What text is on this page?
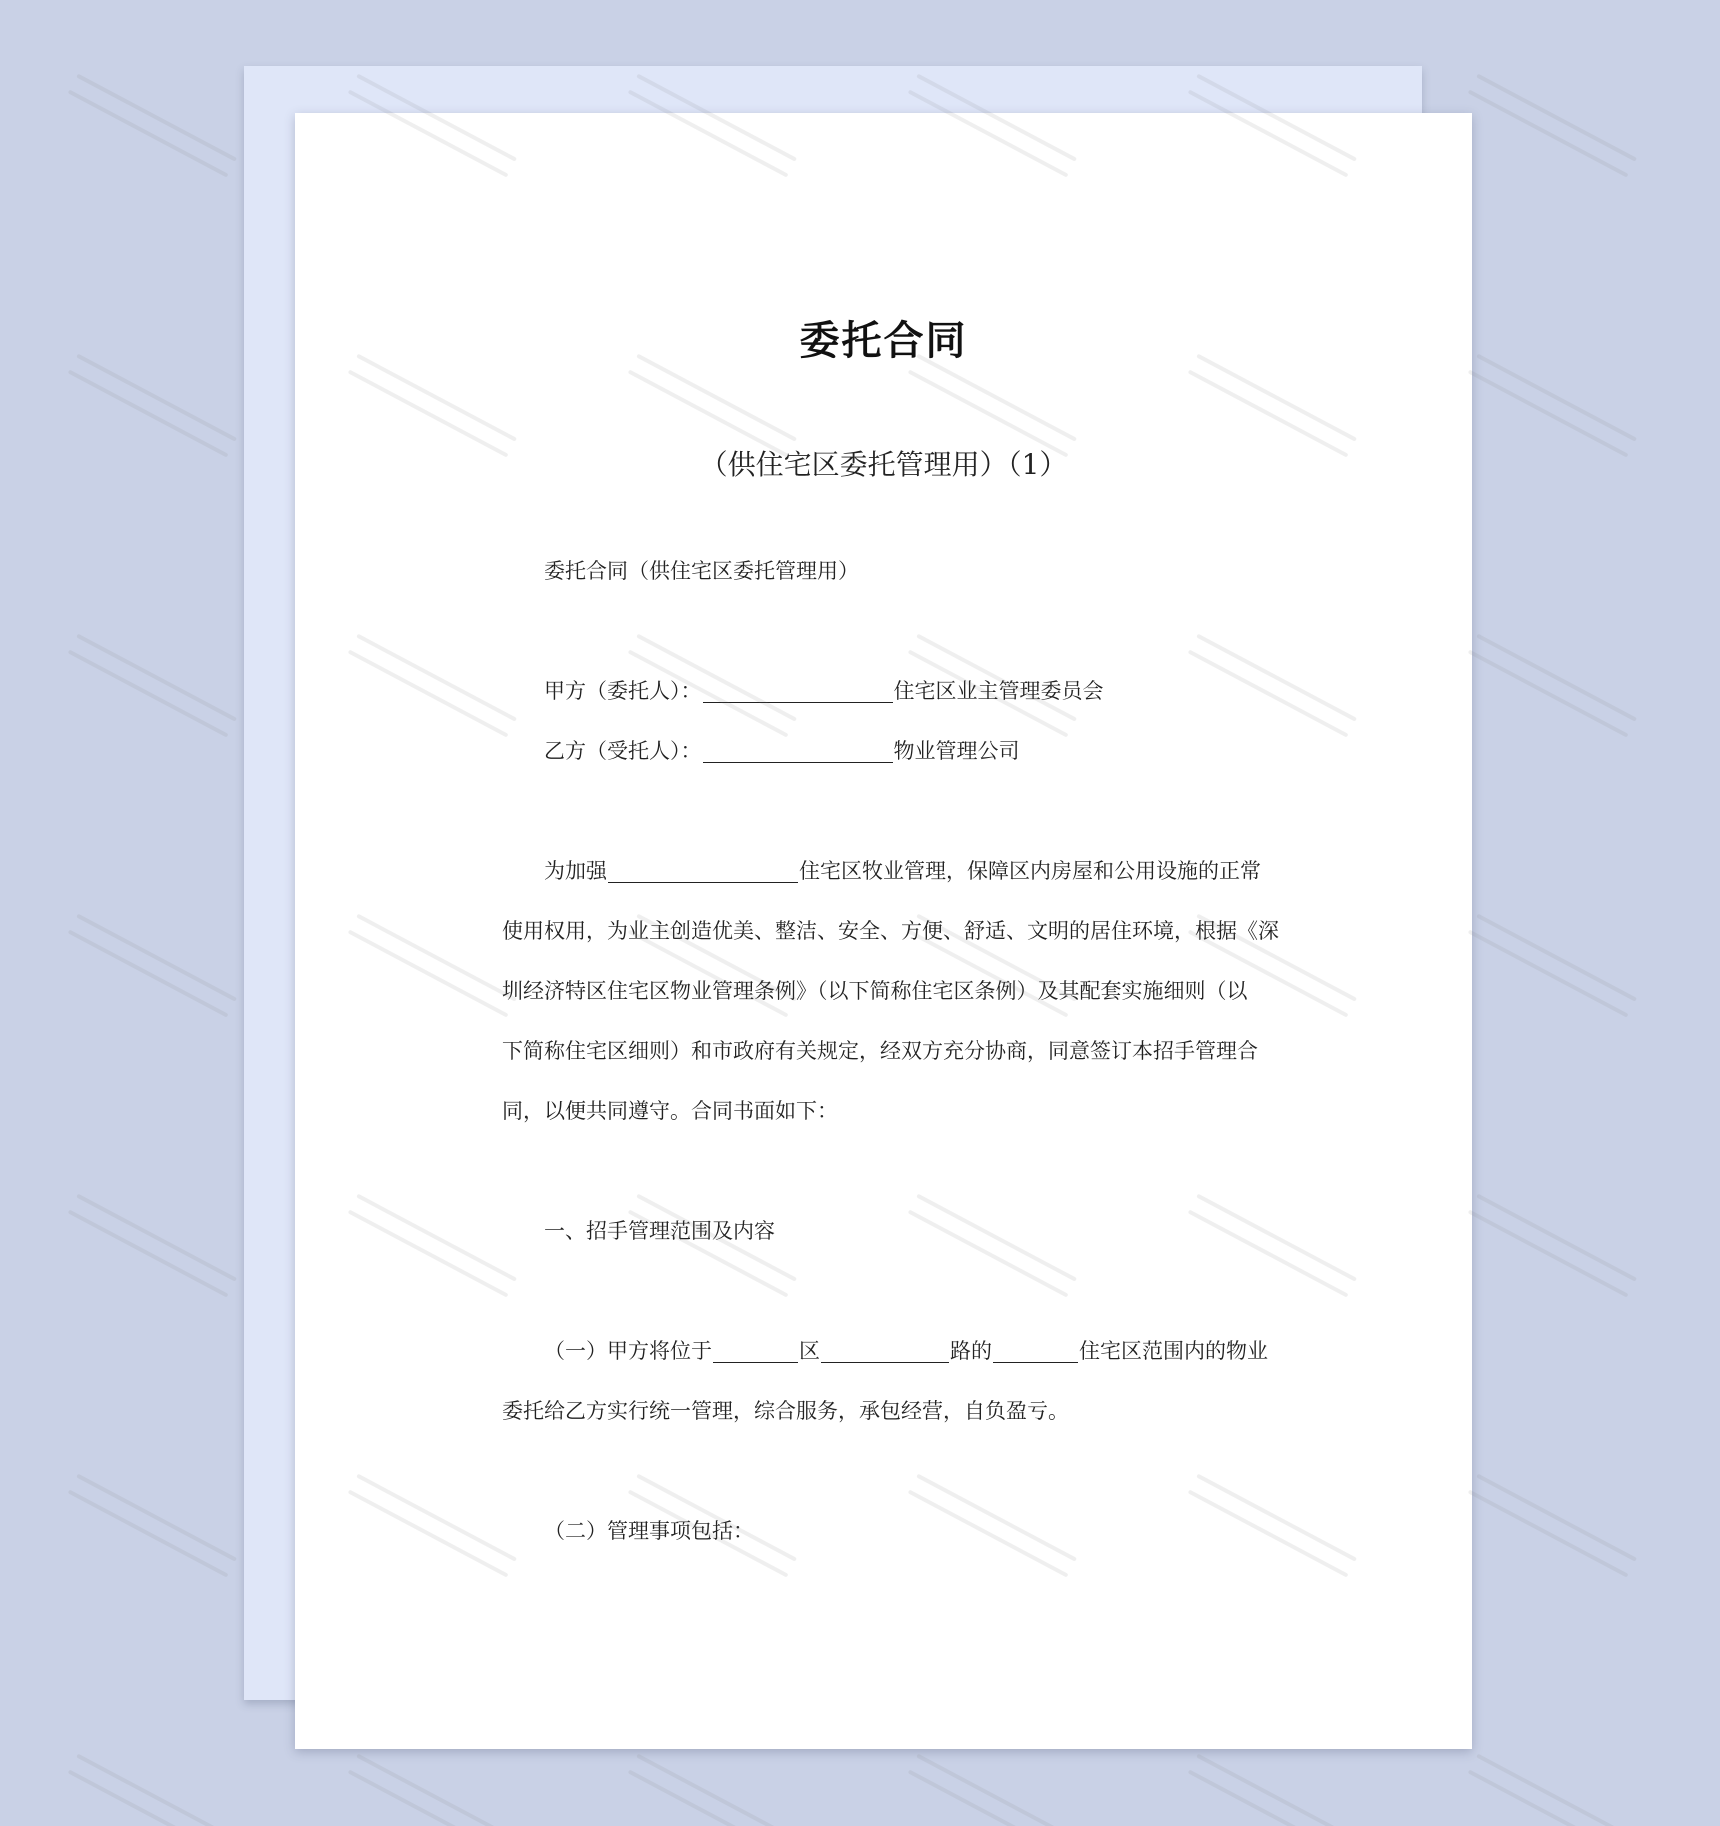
委托合同

（供住宅区委托管理用）（1）

委托合同（供住宅区委托管理用）
甲方（委托人）：	住宅区业主管理委员会
乙方（受托人）：	物业管理公司
为加强	住宅区牧业管理，保障区内房屋和公用设施的正常
使用权用，为业主创造优美、整洁、安全、方便、舒适、文明的居住环境，根据《深
圳经济特区住宅区物业管理条例》（以下简称住宅区条例）及其配套实施细则（以
下简称住宅区细则）和市政府有关规定，经双方充分协商，同意签订本招手管理合
同，以便共同遵守。合同书面如下：
一、招手管理范围及内容
（一）甲方将位于	区	路的	住宅区范围内的物业
委托给乙方实行统一管理，综合服务，承包经营，自负盈亏。
（二）管理事项包括：
